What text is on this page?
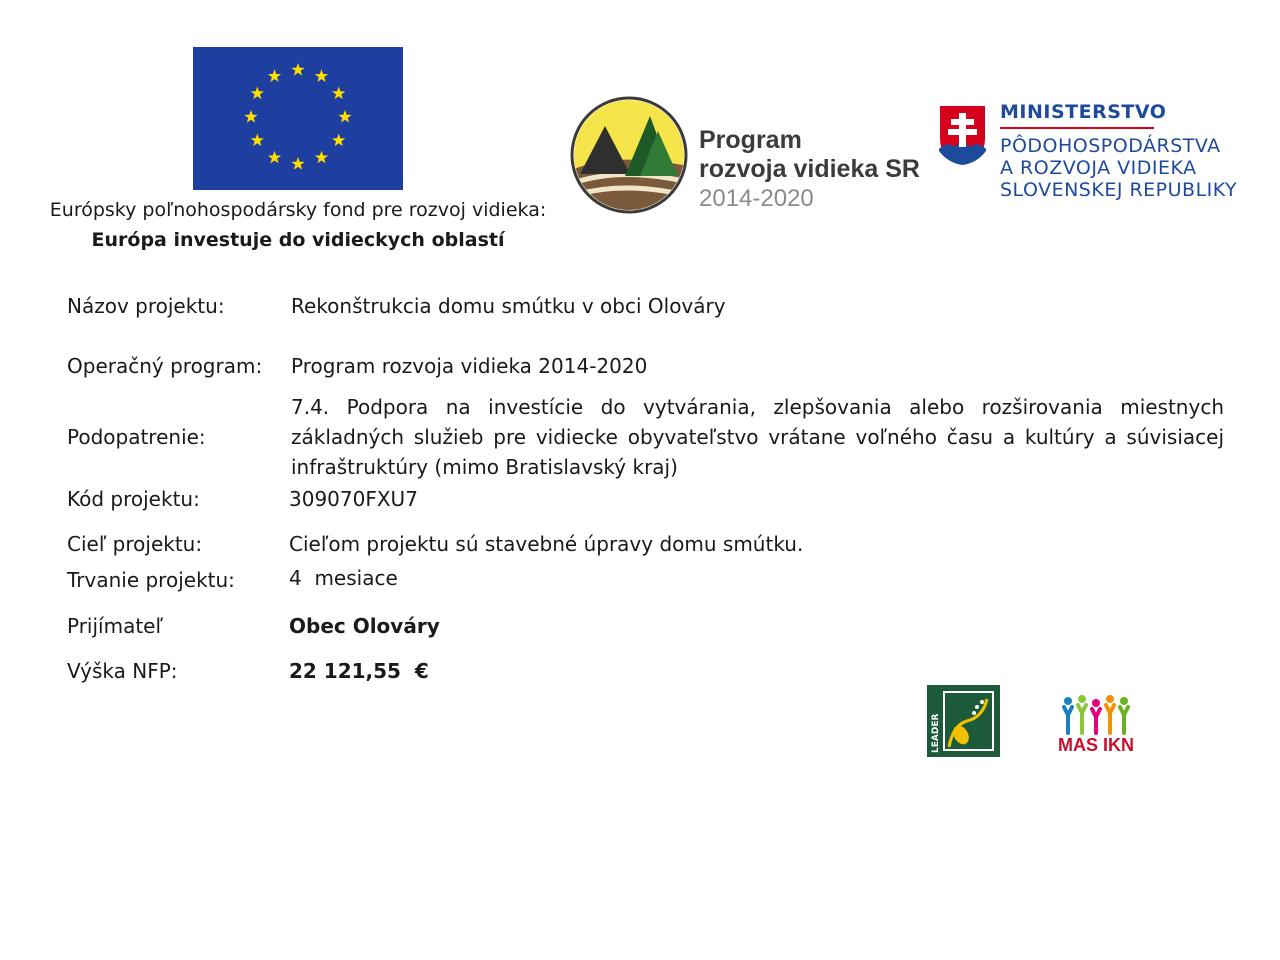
Európsky poľnohospodársky fond pre rozvoj vidieka:
Európa investuje do vidieckych oblastí
Program
rozvoja vidieka SR
2014-2020
MINISTERSTVO
PÔDOHOSPODÁRSTVA
A ROZVOJA VIDIEKA
SLOVENSKEJ REPUBLIKY
Názov projektu:	Rekonštrukcia domu smútku v obci Olováry
Operačný program: Program rozvoja vidieka 2014-2020
Podopatrenie:
7.4. Podpora na investície do vytvárania, zlepšovania alebo rozširovania miestnych základných služieb pre vidiecke obyvateľstvo vrátane voľného času a kultúry a súvisiacej infraštruktúry (mimo Bratislavský kraj)
Kód projektu:	309070FXU7
Cieľ projektu:	Cieľom projektu sú stavebné úpravy domu smútku.
Trvanie projektu:	4  mesiace
Prijímateľ	Obec Olováry
Výška NFP:	22 121,55  €
LEADER	MAS IKN
